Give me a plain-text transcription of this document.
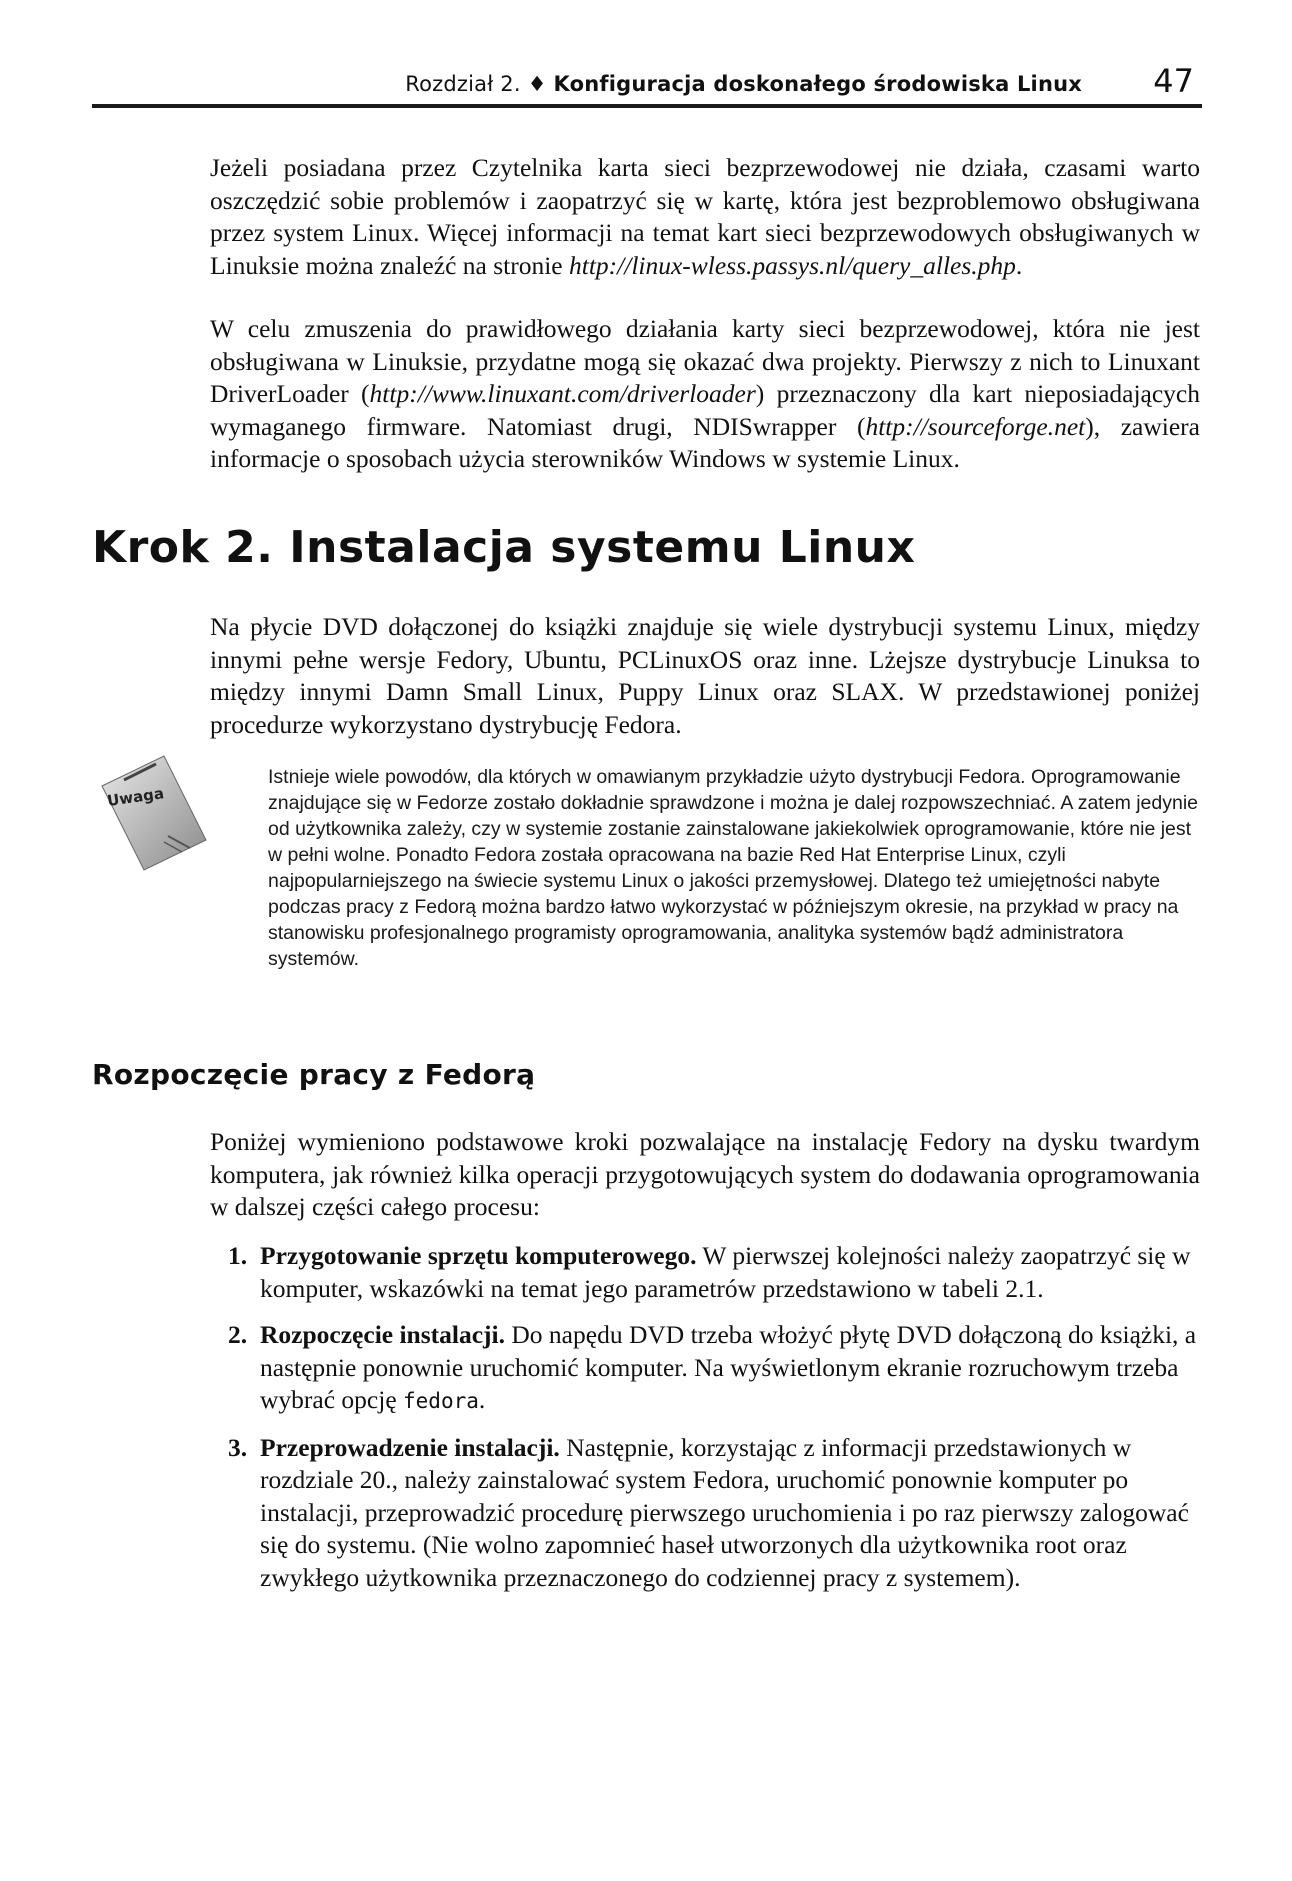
Rozdział 2. ♦ Konfiguracja doskonałego środowiska Linux 47

Jeżeli posiadana przez Czytelnika karta sieci bezprzewodowej nie działa, czasami warto oszczędzić sobie problemów i zaopatrzyć się w kartę, która jest bezproblemowo obsługiwana przez system Linux. Więcej informacji na temat kart sieci bezprzewodowych obsługiwanych w Linuksie można znaleźć na stronie http://linux-wless.passys.nl/query_alles.php.

W celu zmuszenia do prawidłowego działania karty sieci bezprzewodowej, która nie jest obsługiwana w Linuksie, przydatne mogą się okazać dwa projekty. Pierwszy z nich to Linuxant DriverLoader (http://www.linuxant.com/driverloader) przeznaczony dla kart nieposiadających wymaganego firmware. Natomiast drugi, NDISwrapper (http://sourceforge.net), zawiera informacje o sposobach użycia sterowników Windows w systemie Linux.

Krok 2. Instalacja systemu Linux

Na płycie DVD dołączonej do książki znajduje się wiele dystrybucji systemu Linux, między innymi pełne wersje Fedory, Ubuntu, PCLinuxOS oraz inne. Lżejsze dystrybucje Linuksa to między innymi Damn Small Linux, Puppy Linux oraz SLAX. W przedstawionej poniżej procedurze wykorzystano dystrybucję Fedora.

Uwaga

Istnieje wiele powodów, dla których w omawianym przykładzie użyto dystrybucji Fedora. Oprogramowanie znajdujące się w Fedorze zostało dokładnie sprawdzone i można je dalej rozpowszechniać. A zatem jedynie od użytkownika zależy, czy w systemie zostanie zainstalowane jakiekolwiek oprogramowanie, które nie jest w pełni wolne. Ponadto Fedora została opracowana na bazie Red Hat Enterprise Linux, czyli najpopularniejszego na świecie systemu Linux o jakości przemysłowej. Dlatego też umiejętności nabyte podczas pracy z Fedorą można bardzo łatwo wykorzystać w późniejszym okresie, na przykład w pracy na stanowisku profesjonalnego programisty oprogramowania, analityka systemów bądź administratora systemów.

Rozpoczęcie pracy z Fedorą

Poniżej wymieniono podstawowe kroki pozwalające na instalację Fedory na dysku twardym komputera, jak również kilka operacji przygotowujących system do dodawania oprogramowania w dalszej części całego procesu:

1. Przygotowanie sprzętu komputerowego. W pierwszej kolejności należy zaopatrzyć się w komputer, wskazówki na temat jego parametrów przedstawiono w tabeli 2.1.
2. Rozpoczęcie instalacji. Do napędu DVD trzeba włożyć płytę DVD dołączoną do książki, a następnie ponownie uruchomić komputer. Na wyświetlonym ekranie rozruchowym trzeba wybrać opcję fedora.
3. Przeprowadzenie instalacji. Następnie, korzystając z informacji przedstawionych w rozdziale 20., należy zainstalować system Fedora, uruchomić ponownie komputer po instalacji, przeprowadzić procedurę pierwszego uruchomienia i po raz pierwszy zalogować się do systemu. (Nie wolno zapomnieć haseł utworzonych dla użytkownika root oraz zwykłego użytkownika przeznaczonego do codziennej pracy z systemem).
